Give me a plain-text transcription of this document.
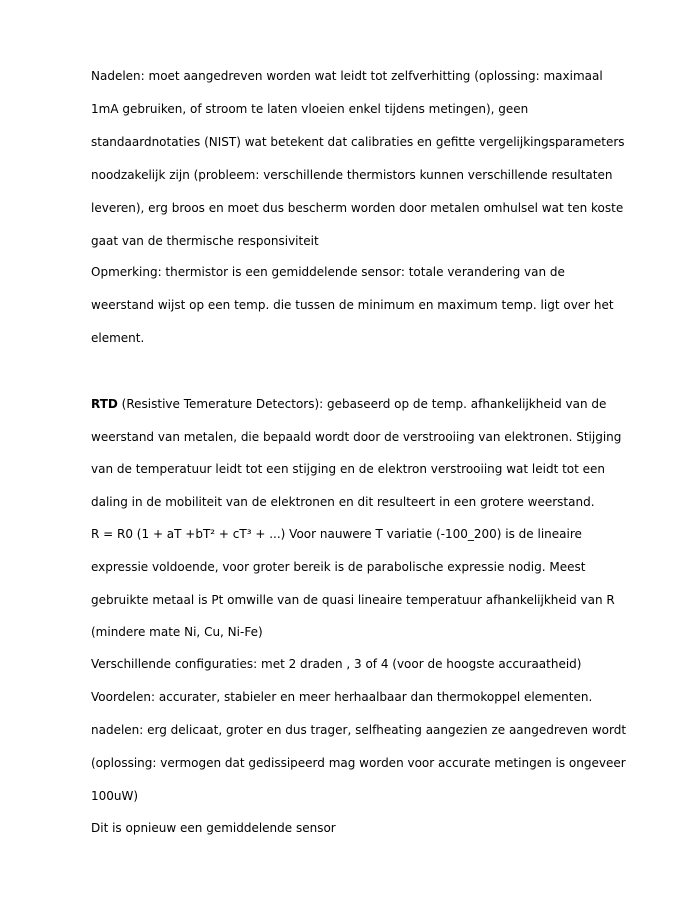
Nadelen: moet aangedreven worden wat leidt tot zelfverhitting (oplossing: maximaal
1mA gebruiken, of stroom te laten vloeien enkel tijdens metingen), geen
standaardnotaties (NIST) wat betekent dat calibraties en gefitte vergelijkingsparameters
noodzakelijk zijn (probleem: verschillende thermistors kunnen verschillende resultaten
leveren), erg broos en moet dus bescherm worden door metalen omhulsel wat ten koste
gaat van de thermische responsiviteit
Opmerking: thermistor is een gemiddelende sensor: totale verandering van de
weerstand wijst op een temp. die tussen de minimum en maximum temp. ligt over het
element.
RTD (Resistive Temerature Detectors): gebaseerd op de temp. afhankelijkheid van de
weerstand van metalen, die bepaald wordt door de verstrooiing van elektronen. Stijging
van de temperatuur leidt tot een stijging en de elektron verstrooiing wat leidt tot een
daling in de mobiliteit van de elektronen en dit resulteert in een grotere weerstand.
R = R0 (1 + aT +bT² + cT³ + ...) Voor nauwere T variatie (-100_200) is de lineaire
expressie voldoende, voor groter bereik is de parabolische expressie nodig. Meest
gebruikte metaal is Pt omwille van de quasi lineaire temperatuur afhankelijkheid van R
(mindere mate Ni, Cu, Ni-Fe)
Verschillende configuraties: met 2 draden , 3 of 4 (voor de hoogste accuraatheid)
Voordelen: accurater, stabieler en meer herhaalbaar dan thermokoppel elementen.
nadelen: erg delicaat, groter en dus trager, selfheating aangezien ze aangedreven wordt
(oplossing: vermogen dat gedissipeerd mag worden voor accurate metingen is ongeveer
100uW)
Dit is opnieuw een gemiddelende sensor
